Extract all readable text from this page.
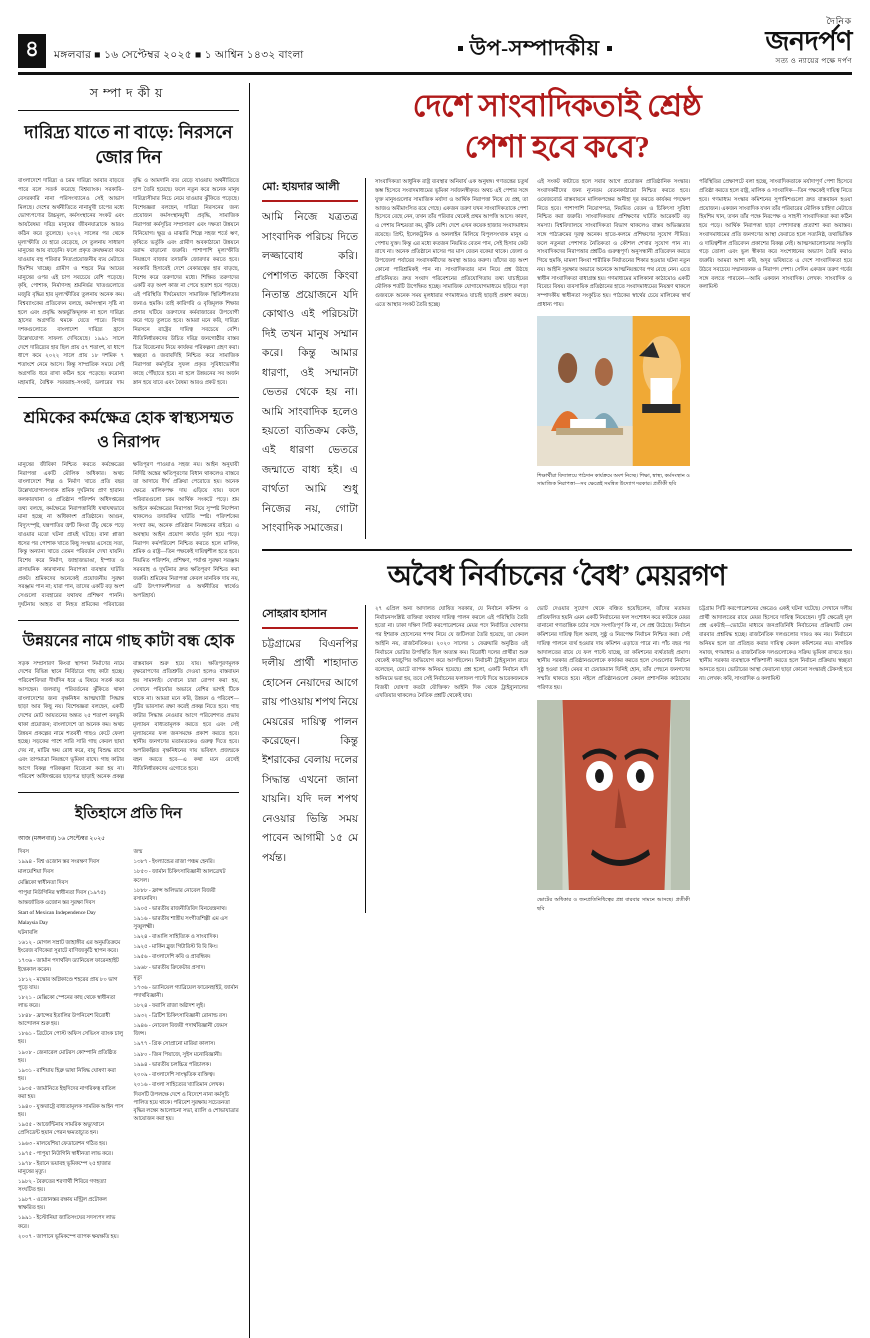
৪	মঙ্গলবার ■ ১৬ সেপ্টেম্বর ২০২৫ ■ ১ আশ্বিন ১৪৩২ বাংলা	উপ-সম্পাদকীয়
দৈনিক
জনদর্পণ
সত্য ও ন্যায়ের পক্ষে দর্পণ
সম্পাদকীয়
দারিদ্র্য যাতে না বাড়ে: নিরসনে জোর দিন
বাংলাদেশে দারিদ্র্য ও চরম দারিদ্র্য আবার বাড়তে পারে বলে সতর্ক করেছে বিশ্বব্যাংক। সরকারি–বেসরকারি নানা পরিসংখ্যানেও সেই আভাস মিলছে। দেশের অর্থনীতিতে নানামুখী চাপের মধ্যে ভোগ্যপণ্যের উচ্চমূল্য, কর্মসংস্থানের সংকট এবং আয়বৈষম্য দরিদ্র মানুষের জীবনযাত্রাকে আরও কঠিন করে তুলেছে। ২০২২ সালের পর থেকে মূল্যস্ফীতি যে হারে বেড়েছে, সে তুলনায় সাধারণ মানুষের আয় বাড়েনি। ফলে প্রকৃত ক্রয়ক্ষমতা কমে যাওয়ায় বহু পরিবার নিত্যপ্রয়োজনীয় ব্যয় মেটাতে হিমশিম খাচ্ছে। গ্রামীণ ও শহুরে নিম্ন আয়ের মানুষের ওপর এই চাপ সবচেয়ে বেশি পড়েছে। কৃষি, পোশাক, নির্মাণসহ শ্রমনির্ভর খাতগুলোতে মজুরি বৃদ্ধির হার মূল্যস্ফীতির তুলনায় অনেক কম। বিশ্বব্যাংকের প্রতিবেদন বলছে, কর্মসংস্থান সৃষ্টি না হলে এবং প্রবৃদ্ধি অন্তর্ভুক্তিমূলক না হলে দারিদ্র্য হ্রাসের অগ্রগতি থমকে যেতে পারে। বিগত দশকগুলোতে বাংলাদেশ দারিদ্র্য হ্রাসে উল্লেখযোগ্য সাফল্য দেখিয়েছে। ১৯৯১ সালে দেশে দারিদ্র্যের হার ছিল প্রায় ৫৭ শতাংশ, যা ধাপে ধাপে কমে ২০২২ সালে প্রায় ১৮ দশমিক ৭ শতাংশে নেমে আসে। কিন্তু সাম্প্রতিক সময়ে সেই অগ্রগতি ধরে রাখা কঠিন হয়ে পড়েছে। করোনা মহামারি, বৈশ্বিক সরবরাহ–সংকট, ডলারের দাম বৃদ্ধি ও আমদানি ব্যয় বেড়ে যাওয়ায় অর্থনীতিতে চাপ তৈরি হয়েছে। ফলে নতুন করে অনেক মানুষ দারিদ্র্যসীমার নিচে নেমে যাওয়ার ঝুঁকিতে পড়েছে। বিশেষজ্ঞরা বলছেন, দারিদ্র্য নিরসনের জন্য প্রয়োজন কর্মসংস্থানমুখী প্রবৃদ্ধি, সামাজিক নিরাপত্তা কর্মসূচির সম্প্রসারণ এবং দক্ষতা উন্নয়নে বিনিয়োগ। ক্ষুদ্র ও মাঝারি শিল্পে সহজ শর্তে ঋণ, কৃষিতে ভর্তুকি এবং গ্রামীণ অবকাঠামো উন্নয়নে বরাদ্দ বাড়ানো জরুরি। পাশাপাশি মূল্যস্ফীতি নিয়ন্ত্রণে বাজার তদারকি জোরদার করতে হবে। সরকারি হিসাবেই দেশে বেকারত্বের হার বাড়ছে, বিশেষ করে তরুণদের মধ্যে। শিক্ষিত তরুণদের একটি বড় অংশ কাজ না পেয়ে হতাশ হয়ে পড়ছে। এই পরিস্থিতি দীর্ঘমেয়াদে সামাজিক স্থিতিশীলতার জন্যও হুমকি। তাই কারিগরি ও বৃত্তিমূলক শিক্ষার প্রসার ঘটিয়ে তরুণদের কর্মবাজারের উপযোগী করে গড়ে তুলতে হবে। আমরা মনে করি, দারিদ্র্য নিরসনে রাষ্ট্রের দায়িত্ব সবচেয়ে বেশি। নীতিনির্ধারকদের উচিত দরিদ্র জনগোষ্ঠীর বাস্তব চিত্র বিবেচনায় নিয়ে কার্যকর পরিকল্পনা গ্রহণ করা। স্বচ্ছতা ও জবাবদিহি নিশ্চিত করে সামাজিক নিরাপত্তা কর্মসূচির সুফল প্রকৃত সুবিধাভোগীর কাছে পৌঁছাতে হবে। না হলে উন্নয়নের সব অর্জন ম্লান হয়ে যাবে এবং বৈষম্য আরও প্রকট হবে।
শ্রমিকের কর্মক্ষেত্র হোক স্বাস্থ্যসম্মত ও নিরাপদ
মানুষের জীবিকা নিশ্চিত করতে কর্মক্ষেত্রের নিরাপত্তা একটি মৌলিক অধিকার। অথচ বাংলাদেশে শিল্প ও নির্মাণ খাতে প্রতি বছর উল্লেখযোগ্যসংখ্যক শ্রমিক দুর্ঘটনায় প্রাণ হারান। কলকারখানা ও প্রতিষ্ঠান পরিদর্শন অধিদপ্তরের তথ্য বলছে, কর্মক্ষেত্রে নিরাপত্তাবিধি যথাযথভাবে মানা হচ্ছে না অধিকাংশ প্রতিষ্ঠানে। আগুন, বিদ্যুৎস্পৃষ্ট, যন্ত্রপাতির ত্রুটি কিংবা উঁচু থেকে পড়ে যাওয়ার মতো ঘটনা প্রায়ই ঘটছে। রানা প্লাজা ধসের পর পোশাক খাতে কিছু সংস্কার এসেছে সত্য, কিন্তু অন্যান্য খাতে তেমন পরিবর্তন দেখা যায়নি। বিশেষ করে নির্মাণ, জাহাজভাঙা, ইস্পাত ও রাসায়নিক কারখানায় নিরাপত্তা ব্যবস্থার ঘাটতি প্রকট। শ্রমিকদের অনেকেই প্রয়োজনীয় সুরক্ষা সরঞ্জাম পান না; যারা পান, তাদের একটি বড় অংশ সেগুলো ব্যবহারের যথাযথ প্রশিক্ষণ পাননি। দুর্ঘটনায় আহত বা নিহত শ্রমিকের পরিবারের ক্ষতিপূরণ পাওয়াও সহজ নয়। আইন অনুযায়ী নির্দিষ্ট অঙ্কের ক্ষতিপূরণের বিধান থাকলেও বাস্তবে তা আদায়ে দীর্ঘ প্রক্রিয়া পেরোতে হয়। অনেক ক্ষেত্রে মালিকপক্ষ দায় এড়িয়ে যায়। ফলে পরিবারগুলো চরম আর্থিক সংকটে পড়ে। শ্রম আইনে কর্মক্ষেত্রের নিরাপত্তা নিয়ে সুস্পষ্ট নির্দেশনা থাকলেও তদারকির ঘাটতি স্পষ্ট। পরিদর্শকের সংখ্যা কম, অনেক প্রতিষ্ঠান নিবন্ধনের বাইরে। এ অবস্থায় আইন প্রয়োগ কার্যত দুর্বল হয়ে পড়ে। নিরাপদ কর্মপরিবেশ নিশ্চিত করতে হলে মালিক, শ্রমিক ও রাষ্ট্র—তিন পক্ষকেই দায়িত্বশীল হতে হবে। নিয়মিত পরিদর্শন, প্রশিক্ষণ, পর্যাপ্ত সুরক্ষা সরঞ্জাম সরবরাহ ও দুর্ঘটনার দ্রুত ক্ষতিপূরণ নিশ্চিত করা জরুরি। শ্রমিকের নিরাপত্তা কেবল মানবিক দায় নয়, এটি উৎপাদনশীলতা ও অর্থনীতির স্বার্থেও অপরিহার্য।
উন্নয়নের নামে গাছ কাটা বন্ধ হোক
সড়ক সম্প্রসারণ কিংবা স্থাপনা নির্মাণের নামে দেশের বিভিন্ন স্থানে নির্বিচারে গাছ কাটা হচ্ছে। পরিবেশবিদরা দীর্ঘদিন ধরে এ বিষয়ে সতর্ক করে আসছেন। জলবায়ু পরিবর্তনের ঝুঁকিতে থাকা বাংলাদেশের জন্য বৃক্ষনিধন আত্মঘাতী সিদ্ধান্ত ছাড়া আর কিছু নয়। বিশেষজ্ঞরা বলছেন, একটি দেশের মোট আয়তনের অন্তত ২৫ শতাংশ বনভূমি থাকা প্রয়োজন; বাংলাদেশে তা অনেক কম। অথচ উন্নয়ন প্রকল্পের নামে শতবর্ষী গাছও কেটে ফেলা হচ্ছে। সড়কের পাশে সারি সারি গাছ কেবল ছায়া দেয় না, মাটির ক্ষয় রোধ করে, বায়ু বিশুদ্ধ রাখে এবং তাপমাত্রা নিয়ন্ত্রণে ভূমিকা রাখে। গাছ কাটার আগে বিকল্প পরিকল্পনা বিবেচনা করা হয় না। পরিবেশ অধিদপ্তরের ছাড়পত্র ছাড়াই অনেক প্রকল্প বাস্তবায়ন শুরু হয়ে যায়। ক্ষতিপূরণমূলক বৃক্ষরোপণের প্রতিশ্রুতি দেওয়া হলেও বাস্তবায়ন হয় সামান্যই। যেখানে চারা রোপণ করা হয়, সেখানে পরিচর্যার অভাবে বেশির ভাগই টিকে থাকে না। আমরা মনে করি, উন্নয়ন ও পরিবেশ—দুটির ভারসাম্য রক্ষা করেই প্রকল্প নিতে হবে। গাছ কাটার সিদ্ধান্ত নেওয়ার আগে পরিবেশগত প্রভাব মূল্যায়ন বাধ্যতামূলক করতে হবে এবং সেই মূল্যায়নের ফল জনসমক্ষে প্রকাশ করতে হবে। স্থানীয় জনগণের মতামতকেও গুরুত্ব দিতে হবে। অপরিকল্পিত বৃক্ষনিধনের দায় ভবিষ্যৎ প্রজন্মকে বহন করতে হবে—এ কথা মনে রেখেই নীতিনির্ধারকদের এগোতে হবে।
ইতিহাসে প্রতি দিন
আজ (মঙ্গলবার) ১৬ সেপ্টেম্বর ২০২৫

দিবস

১৯৯৪ - বিশ্ব ওজোন স্তর সংরক্ষণ দিবস

মালয়েশিয়া দিবস

মেক্সিকো স্বাধীনতা দিবস

পাপুয়া নিউগিনির স্বাধীনতা দিবস (১৯৭৫)

আন্তর্জাতিক ওজোন স্তর সুরক্ষা দিবস

Start of Mexican Independence Day

Malaysia Day

ঘটনাবলি

১৬১২ - মোগল সম্রাট জাহাঙ্গীর এর অনুমতিক্রমে ইংরেজ বণিকেরা সুরাটে বাণিজ্যকুঠি স্থাপন করে।

১৭৩৬ - জার্মান পদার্থবিদ ড্যানিয়েল ফারেনহাইট ইন্তেকাল করেন।

১৮১২ - মস্কোর অগ্নিকাণ্ডে শহরের প্রায় ৮০ ভাগ পুড়ে যায়।

১৮২১ - মেক্সিকো স্পেনের কাছ থেকে স্বাধীনতা লাভ করে।

১৮৪৮ - ফ্রান্সের ইতালির উপনিবেশ বিরোধী আন্দোলন শুরু হয়।

১৮৬১ - ব্রিটেনে পোস্ট অফিস সেভিংস ব্যাংক চালু হয়।

১৯০৮ - জেনারেল মোটরস কোম্পানি প্রতিষ্ঠিত হয়।

১৯৩১ - রাশিয়ায় হিব্রু ভাষা নিষিদ্ধ ঘোষণা করা হয়।

১৯৩৫ - জার্মানিতে ইহুদিদের নাগরিকত্ব বাতিল করা হয়।

১৯৪০ - যুক্তরাষ্ট্রে বাধ্যতামূলক সামরিক আইন পাস হয়।

১৯৫৫ - আর্জেন্টিনায় সামরিক অভ্যুত্থানে প্রেসিডেন্ট হুয়ান পেরন ক্ষমতাচ্যুত হন।

১৯৬৩ - মালয়েশিয়া ফেডারেশন গঠিত হয়।

১৯৭৫ - পাপুয়া নিউগিনি স্বাধীনতা লাভ করে।

১৯৭৮ - ইরানে ভয়াবহ ভূমিকম্পে ২৫ হাজার মানুষের মৃত্যু।

১৯৮২ - বৈরুতের শরণার্থী শিবিরে গণহত্যা সংঘটিত হয়।

১৯৮৭ - ওজোনস্তর রক্ষায় মন্ট্রিল প্রটোকল স্বাক্ষরিত হয়।

১৯৯১ - ইস্টোনিয়া জাতিসংঘের সদস্যপদ লাভ করে।

২০০৭ - জাপানে ভূমিকম্পে ব্যাপক ক্ষয়ক্ষতি হয়।

জন্ম

১৩৮৭ - ইংল্যান্ডের রাজা পঞ্চম হেনরি।

১৮৫৩ - জার্মান চিকিৎসাবিজ্ঞানী আলব্রেখট কসেল।

১৮৮৮ - ফ্রান্স অলিভার নোবেল বিজয়ী রসায়নবিদ।

১৯০৫ - ভারতীয় রাজনীতিবিদ বিনয়েন্দ্রনাথ।

১৯১৬ - ভারতীয় শাস্ত্রীয় সংগীতশিল্পী এম এস সুব্বুলক্ষ্মী।

১৯২৪ - বাঙালি সাহিত্যিক ও সাংবাদিক।

১৯২৫ - মার্কিন ব্লুজ গিটারিস্ট বি বি কিং।

১৯৫৬ - বাংলাদেশি কবি ও প্রাবন্ধিক।

১৯৬৮ - ভারতীয় ক্রিকেটার প্রসাদ।

মৃত্যু

১৭৩৬ - ড্যানিয়েল গ্যাব্রিয়েল ফারেনহাইট, জার্মান পদার্থবিজ্ঞানী।

১৮২৪ - ফরাসি রাজা অষ্টাদশ লুই।

১৯৩২ - ব্রিটিশ চিকিৎসাবিজ্ঞানী রোনাল্ড রস।

১৯৪৬ - নোবেল বিজয়ী পদার্থবিজ্ঞানী জেমস জিন্স।

১৯৭৭ - গ্রিক সোপ্রানো মারিয়া কালাস।

১৯৮০ - জিন পিয়াজে, সুইস মনোবিজ্ঞানী।

১৯৯৪ - ভারতীয় চলচ্চিত্র পরিচালক।

২০০৯ - বাংলাদেশি সাংস্কৃতিক ব্যক্তিত্ব।

২০১৬ - বাংলা সাহিত্যের খ্যাতিমান লেখক।

দিবসটি উপলক্ষে দেশে ও বিদেশে নানা কর্মসূচি পালিত হয়ে থাকে। পরিবেশ সুরক্ষায় সচেতনতা বৃদ্ধির লক্ষ্যে আলোচনা সভা, র‍্যালি ও শোভাযাত্রার আয়োজন করা হয়।

দেশে সাংবাদিকতাই শ্রেষ্ঠ
পেশা হবে কবে?
মো: হায়দার আলী
আমি নিজে যত্রতত্র সাংবাদিক পরিচয় দিতে লজ্জাবোধ করি। পেশাগত কাজে কিংবা নিতান্ত প্রয়োজনে যদি কোথাও এই পরিচয়টা দিই তখন মানুষ সম্মান করে। কিন্তু আমার ধারণা, ওই সম্মানটা ভেতর থেকে হয় না। আমি সাংবাদিক হলেও হয়তো ব্যতিক্রম কেউ, এই ধারণা ভেতরে জন্মাতে বাধ্য হই। এ বার্থতা আমি শুধু নিজের নয়, গোটা সাংবাদিক সমাজের।
সাংবাদিকতা আধুনিক রাষ্ট্র ব্যবস্থার অনিবার্য এক অনুষঙ্গ। গণতন্ত্রের চতুর্থ স্তম্ভ হিসেবে সংবাদমাধ্যমের ভূমিকা সর্বজনস্বীকৃত। অথচ এই পেশার সঙ্গে যুক্ত মানুষগুলোর সামাজিক মর্যাদা ও আর্থিক নিরাপত্তা নিয়ে যে প্রশ্ন, তা আজও অমীমাংসিত রয়ে গেছে। একজন তরুণ যখন সাংবাদিকতাকে পেশা হিসেবে বেছে নেন, তখন তাঁর পরিবার থেকেই প্রথম আপত্তি আসে। কারণ, এ পেশায় নিশ্চয়তা কম, ঝুঁকি বেশি। দেশে এখন কয়েক হাজার সংবাদমাধ্যম রয়েছে। প্রিন্ট, ইলেকট্রনিক ও অনলাইন মিলিয়ে বিপুলসংখ্যক মানুষ এ পেশায় যুক্ত। কিন্তু এর মধ্যে কতজন নিয়মিত বেতন পান, সেই হিসাব কেউ রাখে না। অনেক প্রতিষ্ঠানে মাসের পর মাস বেতন বকেয়া থাকে। জেলা ও উপজেলা পর্যায়ের সংবাদকর্মীদের অবস্থা আরও করুণ। তাঁদের বড় অংশ কোনো পারিশ্রমিকই পান না। সাংবাদিকতার মান নিয়ে প্রশ্ন উঠছে প্রতিনিয়ত। দ্রুত সংবাদ পরিবেশনের প্রতিযোগিতায় তথ্য যাচাইয়ের মৌলিক শর্তটি উপেক্ষিত হচ্ছে। সামাজিক যোগাযোগমাধ্যমে ছড়িয়ে পড়া গুজবকে অনেক সময় মূলধারার গণমাধ্যমও যাচাই ছাড়াই প্রকাশ করছে। এতে আস্থার সংকট তৈরি হচ্ছে।
এই সংকট কাটাতে হলে সবার আগে প্রয়োজন প্রাতিষ্ঠানিক সংস্কার। সংবাদকর্মীদের জন্য ন্যূনতম বেতনকাঠামো নিশ্চিত করতে হবে। ওয়েজবোর্ড বাস্তবায়নে মালিকপক্ষের অনীহা দূর করতে কার্যকর পদক্ষেপ নিতে হবে। পাশাপাশি নিয়োগপত্র, নিয়মিত বেতন ও চিকিৎসা সুবিধা নিশ্চিত করা জরুরি। সাংবাদিকতায় প্রশিক্ষণের ঘাটতি আরেকটি বড় সমস্যা। বিশ্ববিদ্যালয়ে সাংবাদিকতা বিভাগ থাকলেও বাস্তব অভিজ্ঞতার সঙ্গে পাঠ্যক্রমের দূরত্ব অনেক। হাতে-কলমে প্রশিক্ষণের সুযোগ সীমিত। ফলে নতুনরা পেশাগত নৈতিকতা ও কৌশল শেখার সুযোগ পান না। সাংবাদিকদের নিরাপত্তার প্রশ্নটিও গুরুত্বপূর্ণ। অনুসন্ধানী প্রতিবেদন করতে গিয়ে হুমকি, মামলা কিংবা শারীরিক নির্যাতনের শিকার হওয়ার ঘটনা নতুন নয়। আইনি সুরক্ষার অভাবে অনেকে আত্মনিয়ন্ত্রণের পথ বেছে নেন। এতে স্বাধীন সাংবাদিকতা বাধাগ্রস্ত হয়। গণমাধ্যমের মালিকানা কাঠামোও একটি বিবেচ্য বিষয়। ব্যবসায়িক প্রতিষ্ঠানের হাতে সংবাদমাধ্যমের নিয়ন্ত্রণ থাকলে সম্পাদকীয় স্বাধীনতা সংকুচিত হয়। পাঠকের স্বার্থের চেয়ে মালিকের স্বার্থ প্রাধান্য পায়।
শিক্ষার্থীরা বিদ্যালয়ে পাঠদান কার্যক্রমে অংশ নিচ্ছে। শিক্ষা, স্বাস্থ্য, কর্মসংস্থান ও সামাজিক নিরাপত্তা—সব ক্ষেত্রেই সমন্বিত উদ্যোগ দরকার। প্রতীকী ছবি
পরিস্থিতির প্রেক্ষাপটে বলা হচ্ছে, সাংবাদিকতাকে মর্যাদাপূর্ণ পেশা হিসেবে প্রতিষ্ঠা করতে হলে রাষ্ট্র, মালিক ও সাংবাদিক—তিন পক্ষকেই দায়িত্ব নিতে হবে। গণমাধ্যম সংস্কার কমিশনের সুপারিশগুলো দ্রুত বাস্তবায়ন হওয়া প্রয়োজন। একজন সাংবাদিক যখন তাঁর পরিবারের মৌলিক চাহিদা মেটাতে হিমশিম খান, তখন তাঁর পক্ষে নিরপেক্ষ ও সাহসী সাংবাদিকতা করা কঠিন হয়ে পড়ে। আর্থিক নিরাপত্তা ছাড়া পেশাদারত্ব প্রত্যাশা করা অবাস্তব। সংবাদমাধ্যমের প্রতি জনগণের আস্থা ফেরাতে হলে সত্যনিষ্ঠ, তথ্যভিত্তিক ও দায়িত্বশীল প্রতিবেদন প্রকাশের বিকল্প নেই। আত্মসমালোচনার সংস্কৃতি গড়ে তোলা এবং ভুল স্বীকার করে সংশোধনের অভ্যাস তৈরি করাও জরুরি। আমরা আশা করি, অদূর ভবিষ্যতে এ দেশে সাংবাদিকতা হয়ে উঠবে সবচেয়ে সম্মানজনক ও নিরাপদ পেশা। সেদিন একজন তরুণ গর্বের সঙ্গে বলতে পারবেন—আমি একজন সাংবাদিক। লেখক: সাংবাদিক ও কলামিস্ট
অবৈধ নির্বাচনের ‘বৈধ’ মেয়রগণ
সোহরাব হাসান
চট্টগ্রামের বিএনপির দলীয় প্রার্থী শাহাদাত হোসেন নেয়াদের আগে রায় পাওয়ায় শপথ নিয়ে মেয়রের দায়িত্ব পালন করেছেন। কিন্তু ইশরাকের বেলায় দলের সিদ্ধান্ত এখনো জানা যায়নি। যদি দল শপথ নেওয়ার ভিন্তি সময় পাবেন আগামী ১৫ মে পর্যন্ত।
২৭ এপ্রিল অন্য আদালত ঘোষিত সরকার, যে নির্বাচন কমিশন ও নির্বাচনসংশ্লিষ্ট ব্যক্তিরা যথাযথ দায়িত্ব পালন করলে এই পরিস্থিতি তৈরি হতো না। ঢাকা দক্ষিণ সিটি করপোরেশনের মেয়র পদে নির্বাচিত ঘোষণার পর ইশরাক হোসেনের শপথ নিয়ে যে জটিলতা তৈরি হয়েছে, তা কেবল আইনি নয়, রাজনৈতিকও। ২০২০ সালের ১ ফেব্রুয়ারি অনুষ্ঠিত ওই নির্বাচনে ভোটার উপস্থিতি ছিল অত্যন্ত কম। বিরোধী দলের প্রার্থীরা শুরু থেকেই কারচুপির অভিযোগ করে আসছিলেন। নির্বাচনী ট্রাইব্যুনাল রায়ে বলেছেন, ভোটে ব্যাপক অনিয়ম হয়েছে। প্রশ্ন হলো, একটি নির্বাচন যদি অনিয়মে ভরা হয়, তবে সেই নির্বাচনের ফলাফল পাল্টে দিয়ে আরেকজনকে বিজয়ী ঘোষণা কতটা যৌক্তিক? আইনি দিক থেকে ট্রাইব্যুনালের এখতিয়ার থাকলেও নৈতিক প্রশ্নটি থেকেই যায়।
ভোট দেওয়ার সুযোগ থেকে বঞ্চিত হয়েছিলেন, তাঁদের মতামত প্রতিফলিত হয়নি এমন একটি নির্বাচনের ফল সংশোধন করে কাউকে মেয়র বানানো গণতান্ত্রিক চর্চার সঙ্গে সংগতিপূর্ণ কি না, সে প্রশ্ন উঠেছে। নির্বাচন কমিশনের দায়িত্ব ছিল অবাধ, সুষ্ঠু ও নিরপেক্ষ নির্বাচন নিশ্চিত করা। সেই দায়িত্ব পালনে ব্যর্থ হওয়ার দায় কমিশন এড়াতে পারে না। পাঁচ বছর পর আদালতের রায়ে যে ফল পাল্টে যাচ্ছে, তা কমিশনের ব্যর্থতারই প্রমাণ। স্থানীয় সরকার প্রতিষ্ঠানগুলোকে কার্যকর করতে হলে সেগুলোর নির্বাচন সুষ্ঠু হওয়া চাই। মেয়র বা চেয়ারম্যান যিনিই হোন, তাঁর পেছনে জনগণের সম্মতি থাকতে হবে। নইলে প্রতিষ্ঠানগুলো কেবল প্রশাসনিক কাঠামোয় পরিণত হয়।
ভোটের অধিকার ও জনপ্রতিনিধিত্বের প্রশ্ন বারবার সামনে আসছে। প্রতীকী ছবি
চট্টগ্রাম সিটি করপোরেশনের ক্ষেত্রেও একই ঘটনা ঘটেছে। সেখানে দলীয় প্রার্থী আদালতের রায়ে মেয়র হিসেবে দায়িত্ব নিয়েছেন। দুটি ক্ষেত্রেই মূল প্রশ্ন একটাই—ভোটের মাধ্যমে জনপ্রতিনিধি নির্বাচনের প্রক্রিয়াটি কেন বারবার প্রশ্নবিদ্ধ হচ্ছে। রাজনৈতিক দলগুলোর দায়ও কম নয়। নির্বাচনে অনিয়ম হলে তা প্রতিহত করার দায়িত্ব কেবল কমিশনের নয়। নাগরিক সমাজ, গণমাধ্যম ও রাজনৈতিক দলগুলোকেও সক্রিয় ভূমিকা রাখতে হয়। স্থানীয় সরকার ব্যবস্থাকে শক্তিশালী করতে হলে নির্বাচন প্রক্রিয়ায় স্বচ্ছতা আনতে হবে। ভোটারের আস্থা ফেরানো ছাড়া কোনো সংস্কারই টেকসই হবে না। লেখক: কবি, সাংবাদিক ও কলামিস্ট
